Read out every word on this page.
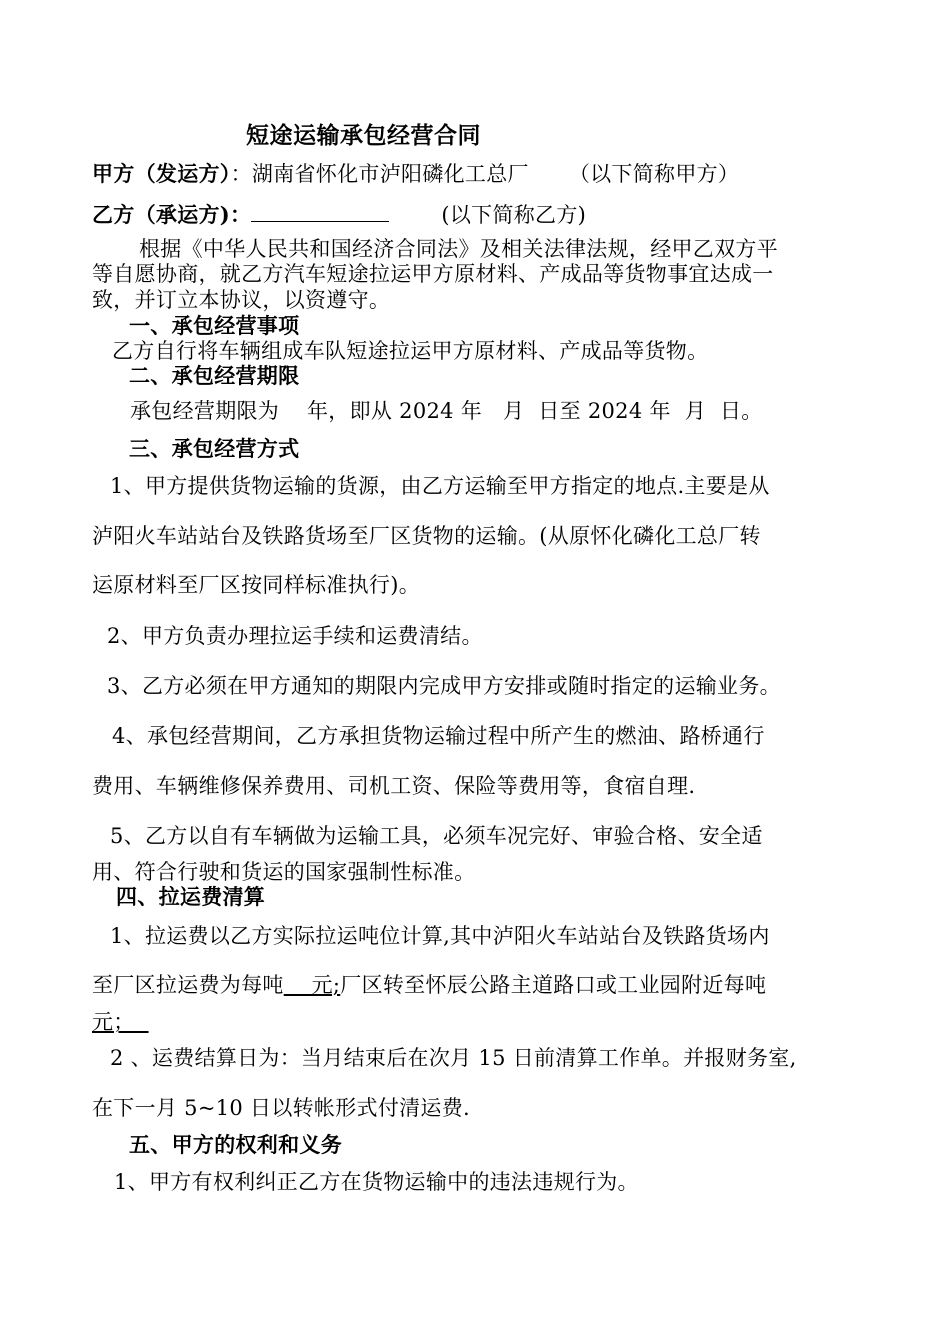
短途运输承包经营合同
甲方（发运方）：湖南省怀化市泸阳磷化工总厂 （以下简称甲方）
乙方（承运方)：	(以下简称乙方)
根据《中华人民共和国经济合同法》及相关法律法规，经甲乙双方平
等自愿协商，就乙方汽车短途拉运甲方原材料、产成品等货物事宜达成一
致，并订立本协议，以资遵守。
一、承包经营事项
乙方自行将车辆组成车队短途拉运甲方原材料、产成品等货物。
二、承包经营期限
承包经营期限为    年，即从 2024 年   月  日至 2024 年  月  日。
三、承包经营方式
1、甲方提供货物运输的货源，由乙方运输至甲方指定的地点.主要是从
泸阳火车站站台及铁路货场至厂区货物的运输。(从原怀化磷化工总厂转
运原材料至厂区按同样标准执行)。
2、甲方负责办理拉运手续和运费清结。
3、乙方必须在甲方通知的期限内完成甲方安排或随时指定的运输业务。
4、承包经营期间，乙方承担货物运输过程中所产生的燃油、路桥通行
费用、车辆维修保养费用、司机工资、保险等费用等，食宿自理.
5、乙方以自有车辆做为运输工具，必须车况完好、审验合格、安全适
用、符合行驶和货运的国家强制性标准。
四、拉运费清算
1、拉运费以乙方实际拉运吨位计算,其中泸阳火车站站台及铁路货场内
至厂区拉运费为每吨    元;厂区转至怀辰公路主道路口或工业园附近每吨
元；
2 、运费结算日为：当月结束后在次月 15 日前清算工作单。并报财务室,
在下一月 5~10 日以转帐形式付清运费.
五、甲方的权利和义务
1、甲方有权利纠正乙方在货物运输中的违法违规行为。
